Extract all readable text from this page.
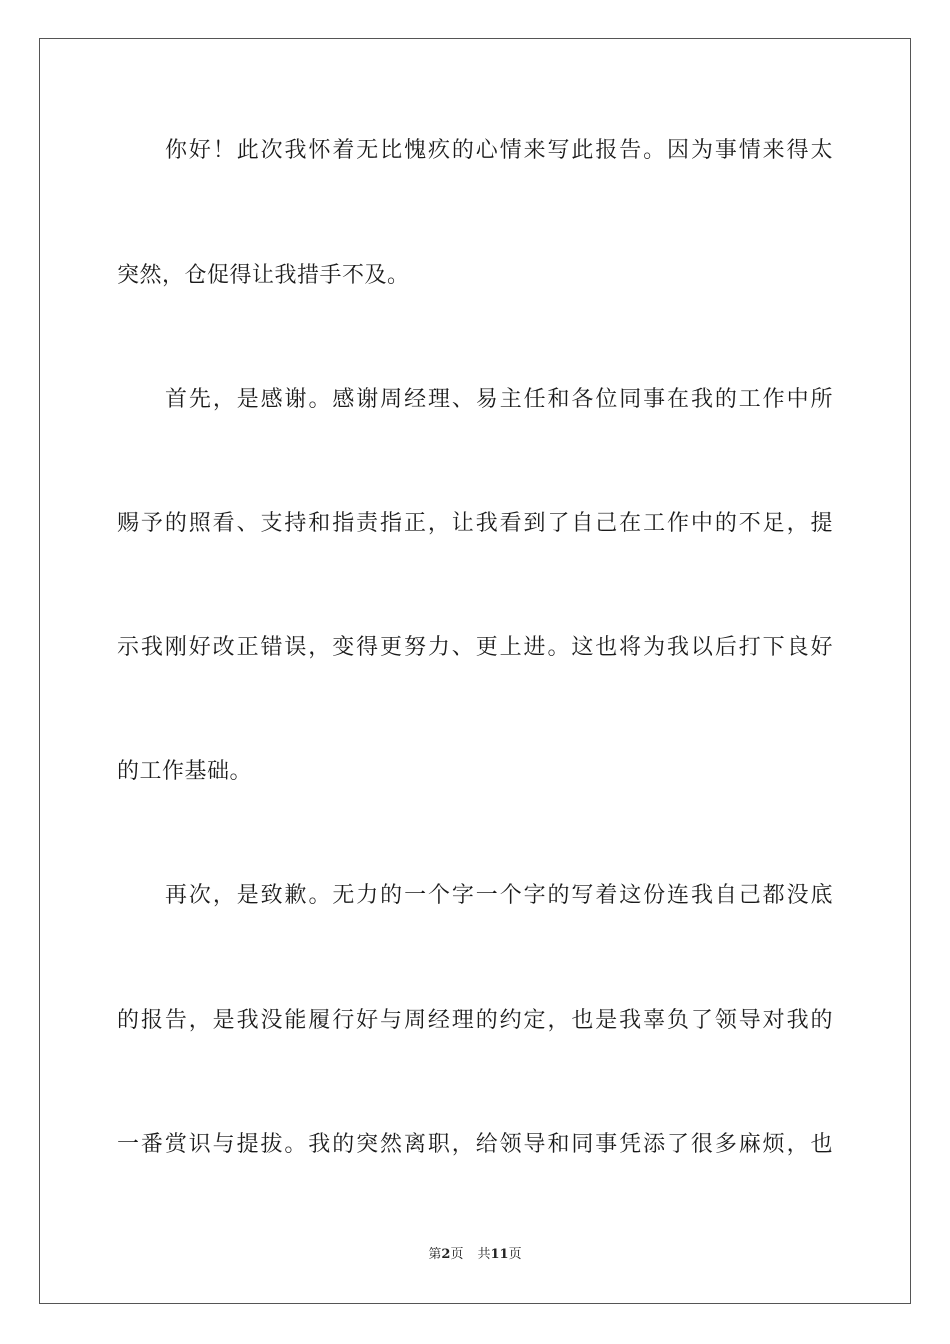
你好！此次我怀着无比愧疚的心情来写此报告。因为事情来得太
突然，仓促得让我措手不及。
首先，是感谢。感谢周经理、易主任和各位同事在我的工作中所
赐予的照看、支持和指责指正，让我看到了自己在工作中的不足，提
示我刚好改正错误，变得更努力、更上进。这也将为我以后打下良好
的工作基础。
再次，是致歉。无力的一个字一个字的写着这份连我自己都没底
的报告，是我没能履行好与周经理的约定，也是我辜负了领导对我的
一番赏识与提拔。我的突然离职，给领导和同事凭添了很多麻烦，也
第2页 共11页
